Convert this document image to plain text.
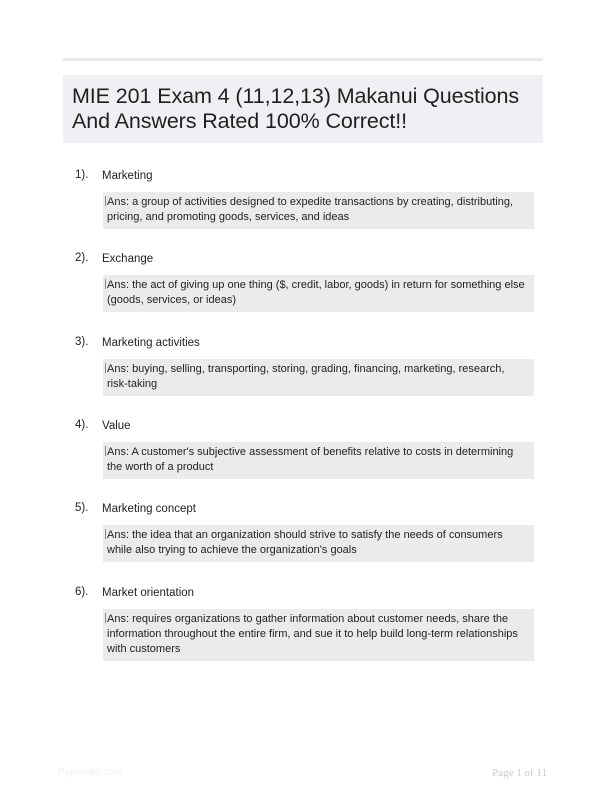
MIE 201 Exam 4 (11,12,13) Makanui Questions And Answers Rated 100% Correct!!
1). Marketing
Ans: a group of activities designed to expedite transactions by creating, distributing, pricing, and promoting goods, services, and ideas
2). Exchange
Ans: the act of giving up one thing ($, credit, labor, goods) in return for something else (goods, services, or ideas)
3). Marketing activities
Ans: buying, selling, transporting, storing, grading, financing, marketing, research, risk-taking
4). Value
Ans: A customer's subjective assessment of benefits relative to costs in determining the worth of a product
5). Marketing concept
Ans: the idea that an organization should strive to satisfy the needs of consumers while also trying to achieve the organization's goals
6). Market orientation
Ans: requires organizations to gather information about customer needs, share the information throughout the entire firm, and sue it to help build long-term relationships with customers
Papersbc.com	Page 1 of 11
